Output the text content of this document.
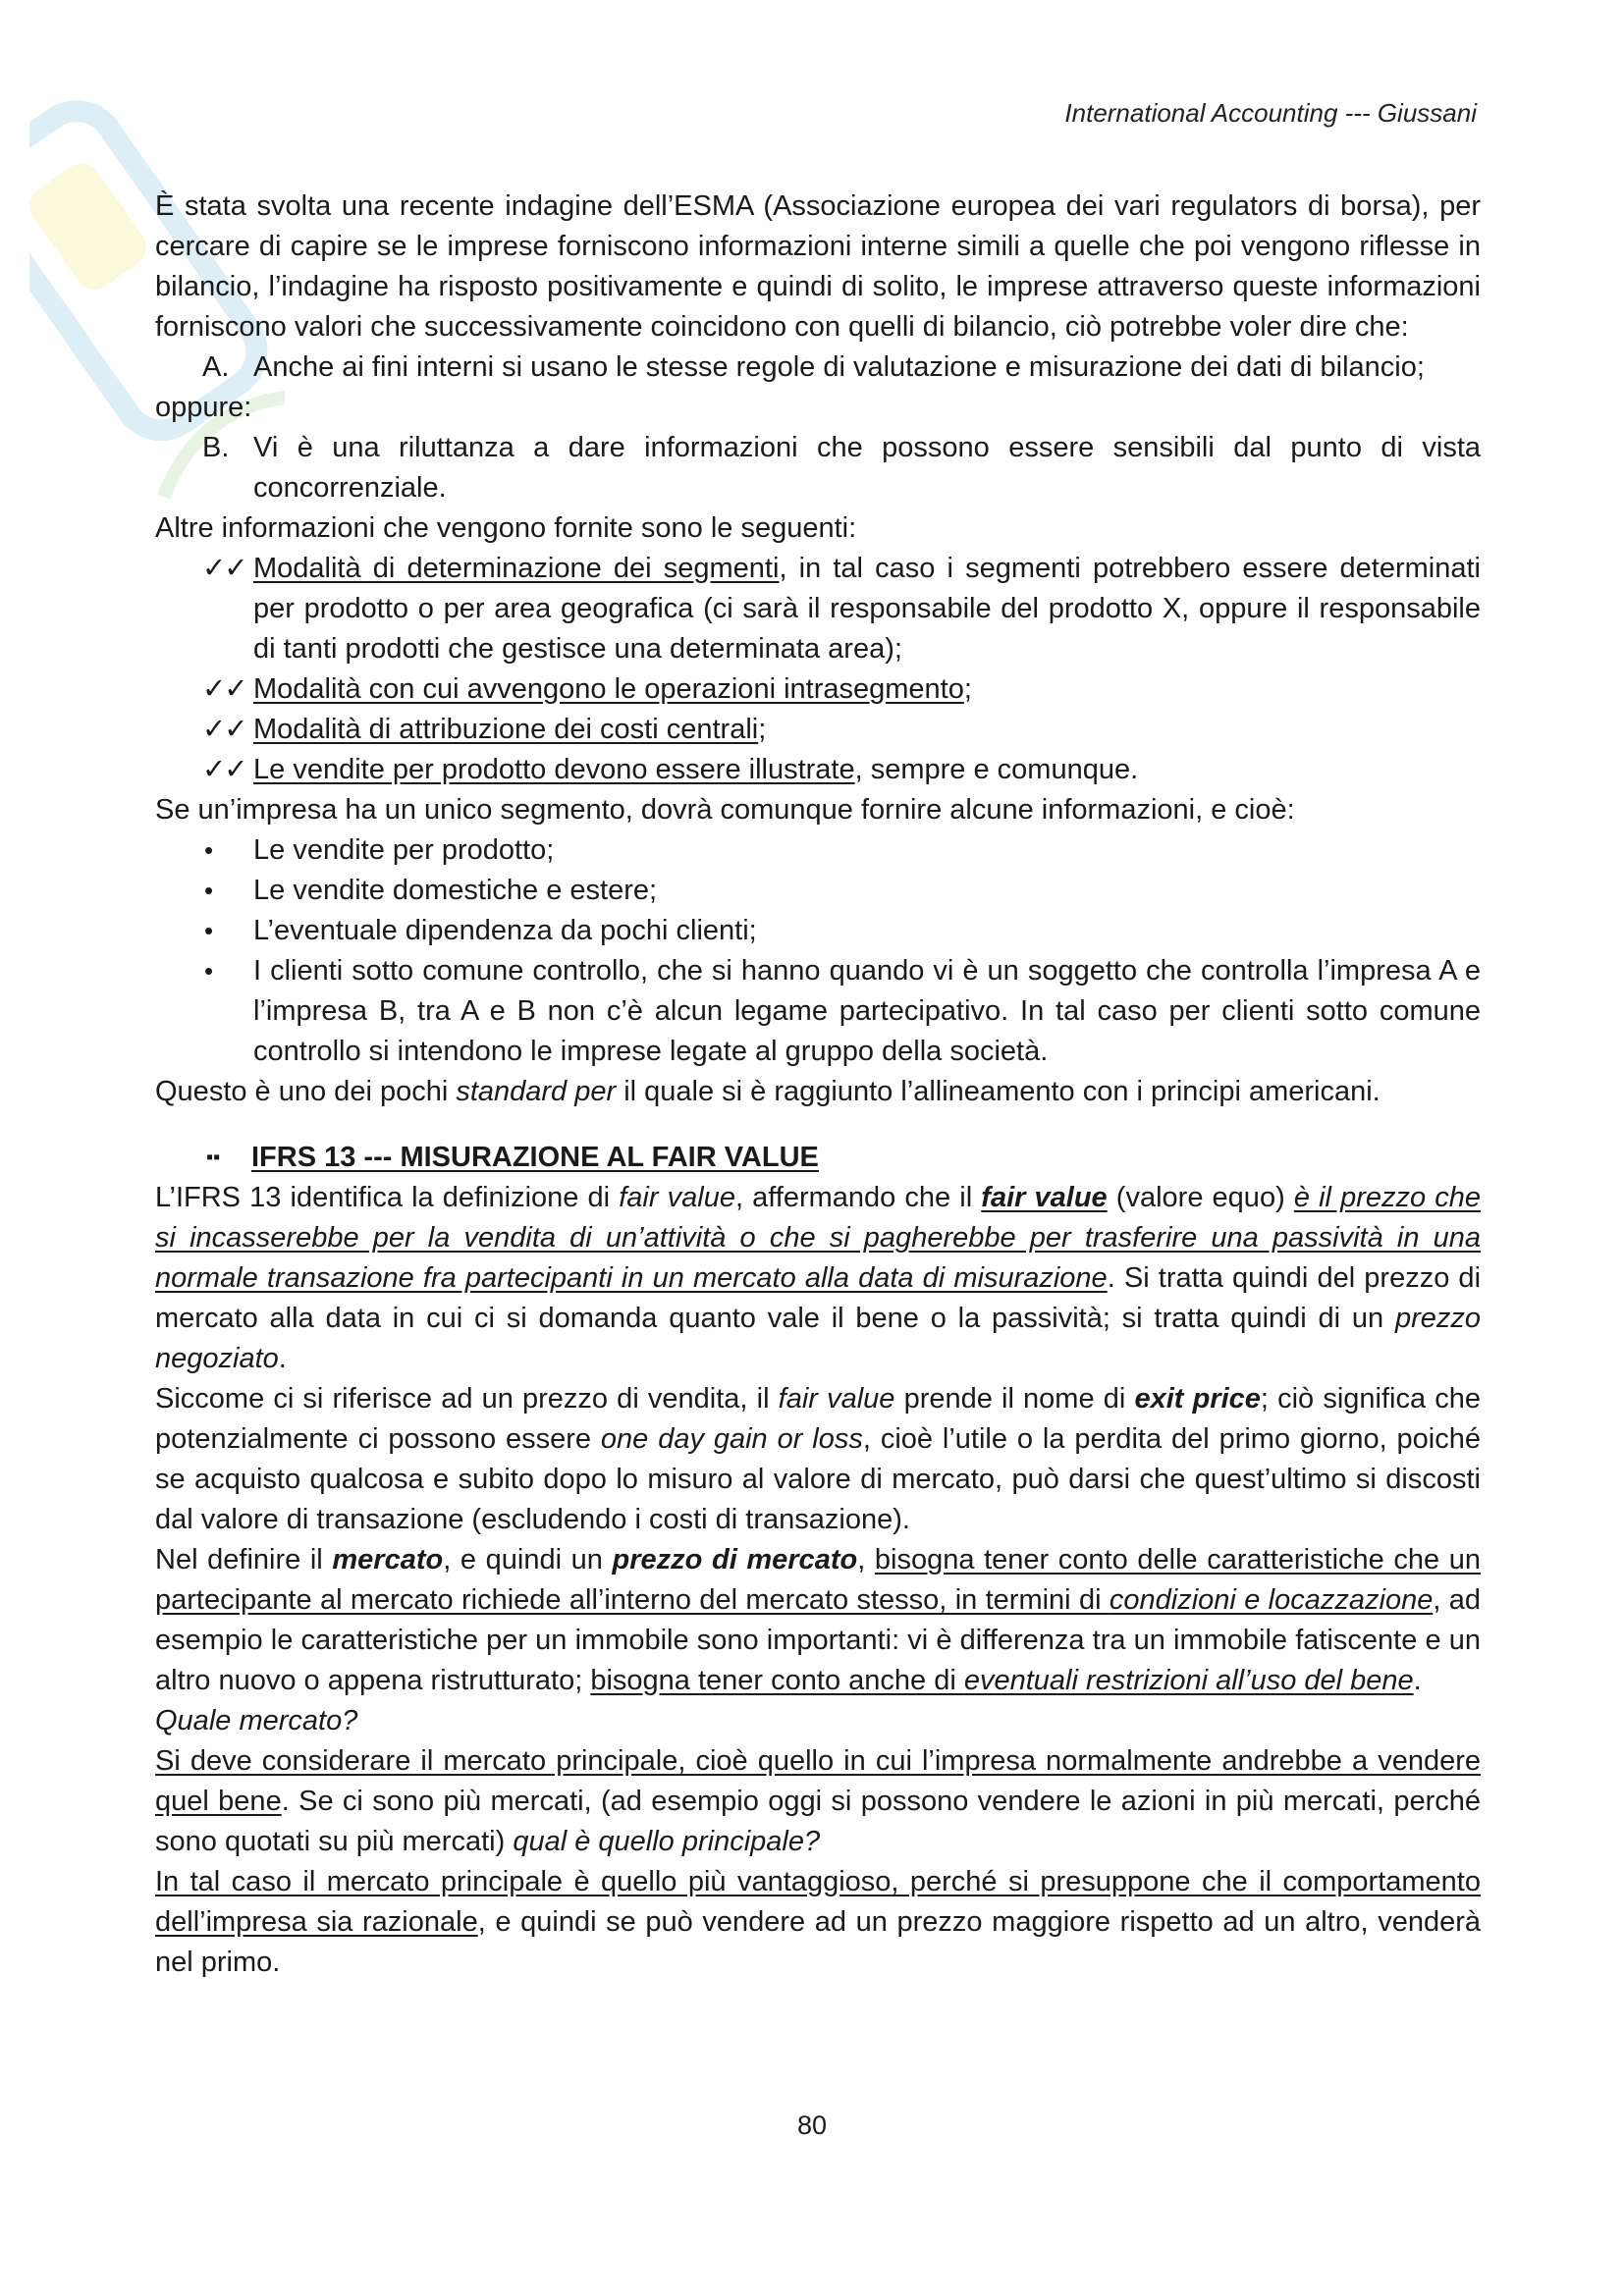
International Accounting --- Giussani

È stata svolta una recente indagine dell’ESMA (Associazione europea dei vari regulators di borsa), per cercare di capire se le imprese forniscono informazioni interne simili a quelle che poi vengono riflesse in bilancio, l’indagine ha risposto positivamente e quindi di solito, le imprese attraverso queste informazioni forniscono valori che successivamente coincidono con quelli di bilancio, ciò potrebbe voler dire che:

A. Anche ai fini interni si usano le stesse regole di valutazione e misurazione dei dati di bilancio;

oppure:

B. Vi è una riluttanza a dare informazioni che possono essere sensibili dal punto di vista concorrenziale.

Altre informazioni che vengono fornite sono le seguenti:

✓✓ Modalità di determinazione dei segmenti, in tal caso i segmenti potrebbero essere determinati per prodotto o per area geografica (ci sarà il responsabile del prodotto X, oppure il responsabile di tanti prodotti che gestisce una determinata area);
✓✓ Modalità con cui avvengono le operazioni intrasegmento;
✓✓ Modalità di attribuzione dei costi centrali;
✓✓ Le vendite per prodotto devono essere illustrate, sempre e comunque.

Se un’impresa ha un unico segmento, dovrà comunque fornire alcune informazioni, e cioè:

• Le vendite per prodotto;
• Le vendite domestiche e estere;
• L’eventuale dipendenza da pochi clienti;
• I clienti sotto comune controllo, che si hanno quando vi è un soggetto che controlla l’impresa A e l’impresa B, tra A e B non c’è alcun legame partecipativo. In tal caso per clienti sotto comune controllo si intendono le imprese legate al gruppo della società.

Questo è uno dei pochi standard per il quale si è raggiunto l’allineamento con i principi americani.

▪▪ IFRS 13 --- MISURAZIONE AL FAIR VALUE

L’IFRS 13 identifica la definizione di fair value, affermando che il fair value (valore equo) è il prezzo che si incasserebbe per la vendita di un’attività o che si pagherebbe per trasferire una passività in una normale transazione fra partecipanti in un mercato alla data di misurazione. Si tratta quindi del prezzo di mercato alla data in cui ci si domanda quanto vale il bene o la passività; si tratta quindi di un prezzo negoziato.

Siccome ci si riferisce ad un prezzo di vendita, il fair value prende il nome di exit price; ciò significa che potenzialmente ci possono essere one day gain or loss, cioè l’utile o la perdita del primo giorno, poiché se acquisto qualcosa e subito dopo lo misuro al valore di mercato, può darsi che quest’ultimo si discosti dal valore di transazione (escludendo i costi di transazione).

Nel definire il mercato, e quindi un prezzo di mercato, bisogna tener conto delle caratteristiche che un partecipante al mercato richiede all’interno del mercato stesso, in termini di condizioni e locazzazione, ad esempio le caratteristiche per un immobile sono importanti: vi è differenza tra un immobile fatiscente e un altro nuovo o appena ristrutturato; bisogna tener conto anche di eventuali restrizioni all’uso del bene.

Quale mercato?

Si deve considerare il mercato principale, cioè quello in cui l’impresa normalmente andrebbe a vendere quel bene. Se ci sono più mercati, (ad esempio oggi si possono vendere le azioni in più mercati, perché sono quotati su più mercati) qual è quello principale?

In tal caso il mercato principale è quello più vantaggioso, perché si presuppone che il comportamento dell’impresa sia razionale, e quindi se può vendere ad un prezzo maggiore rispetto ad un altro, venderà nel primo.

80
